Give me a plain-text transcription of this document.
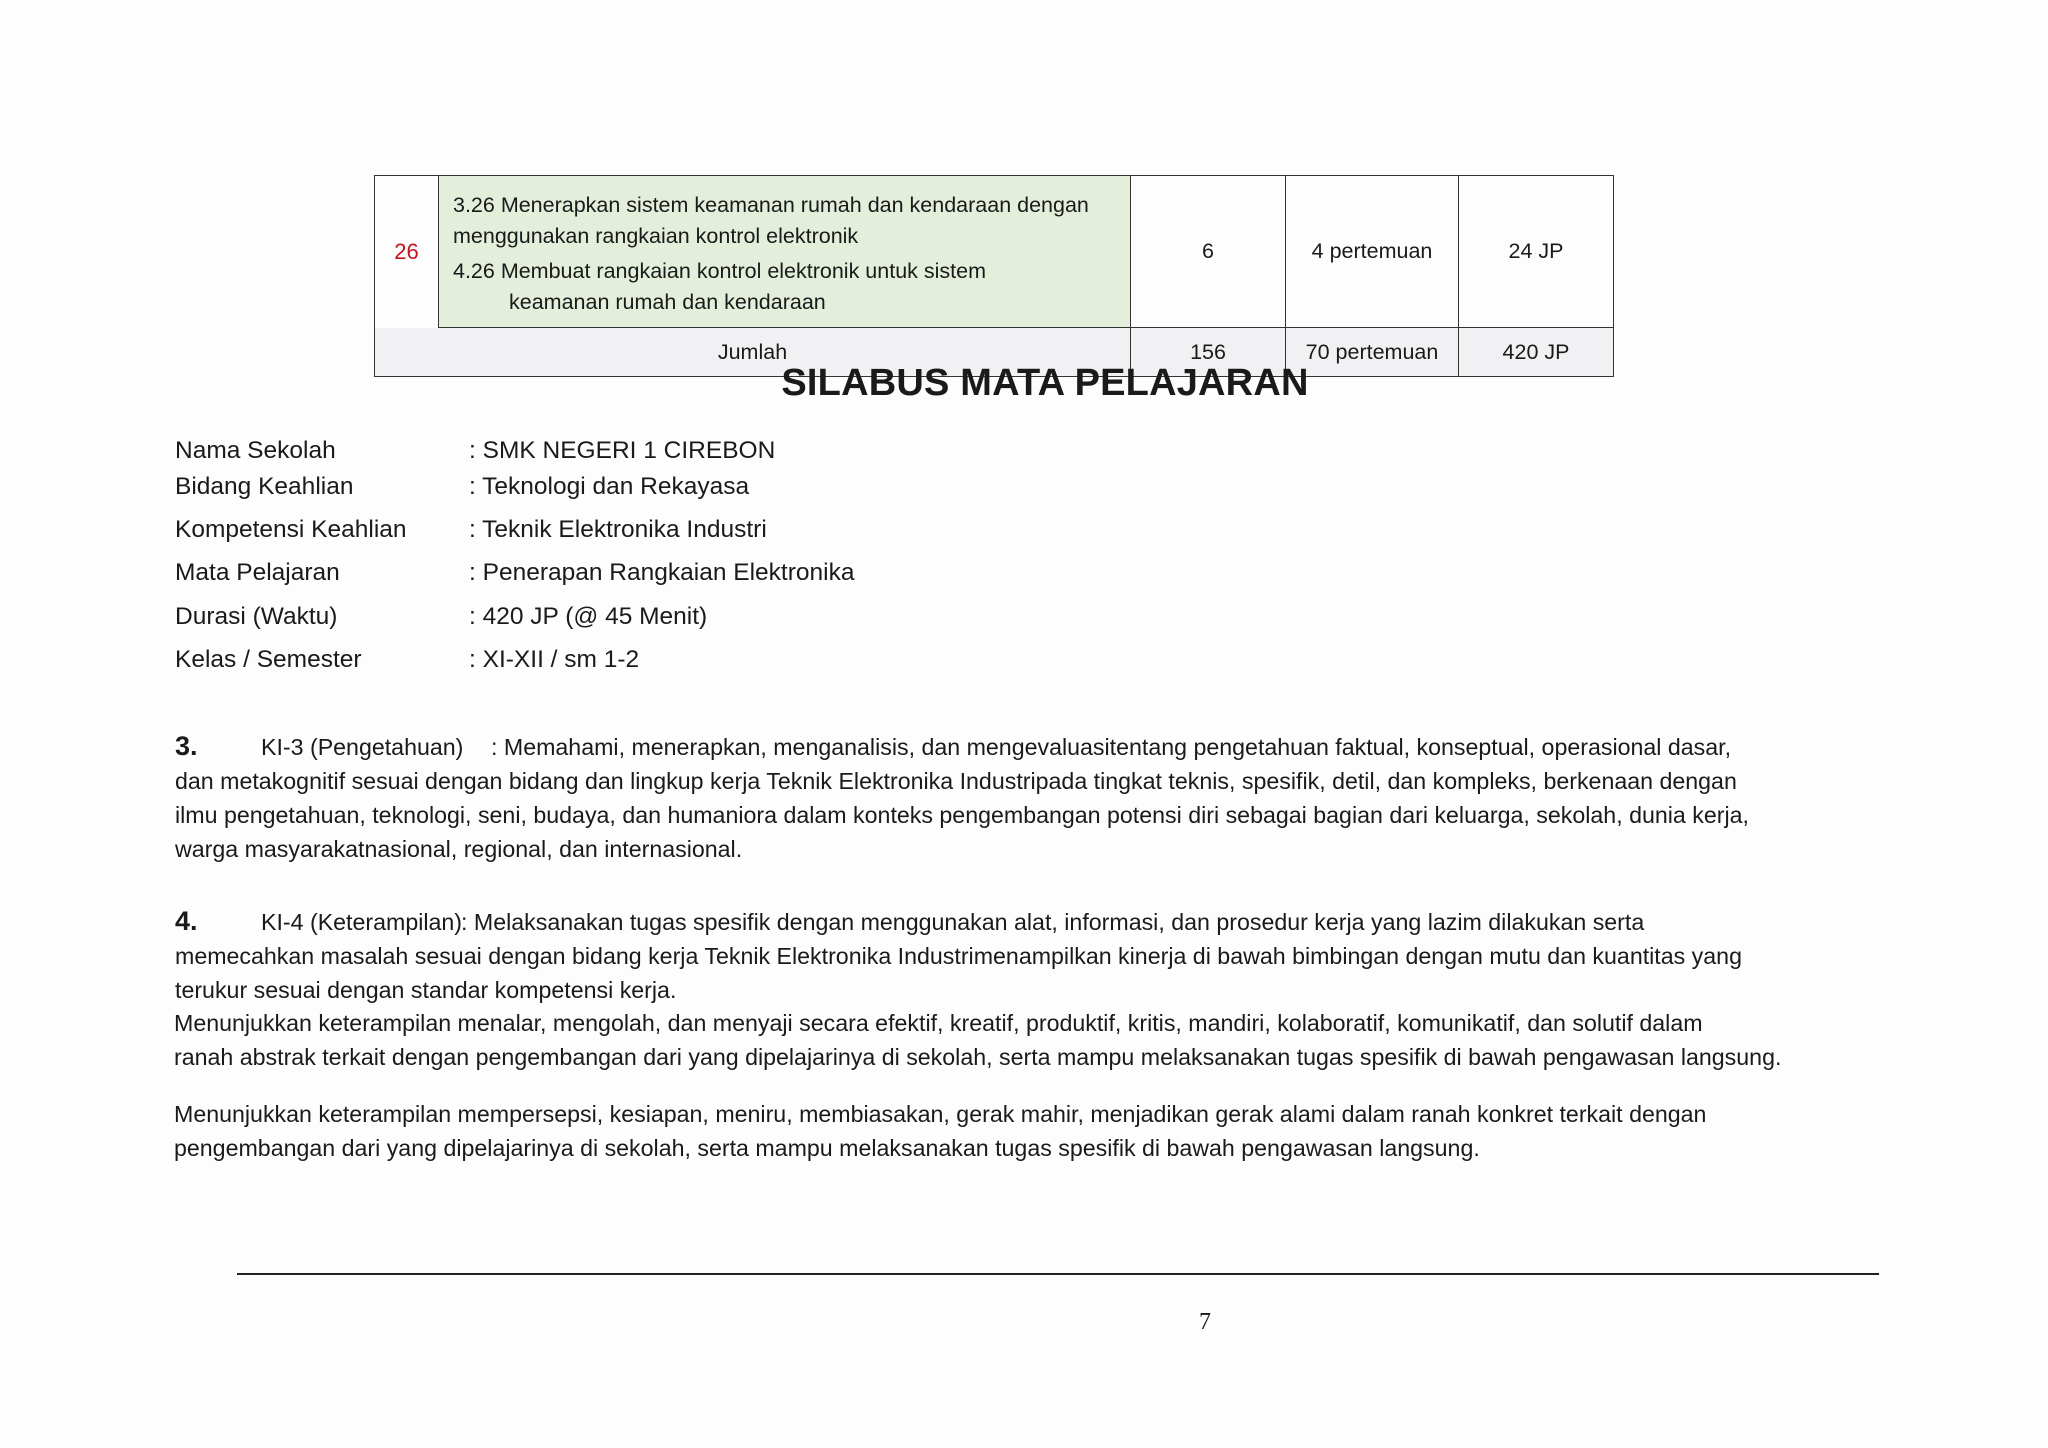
26	3.26 Menerapkan sistem keamanan rumah dan kendaraan dengan
menggunakan rangkaian kontrol elektronik
4.26 Membuat rangkaian kontrol elektronik untuk sistem
keamanan rumah dan kendaraan	6	4 pertemuan	24 JP
Jumlah		156	70 pertemuan	420 JP
SILABUS MATA PELAJARAN
Nama Sekolah	: SMK NEGERI 1 CIREBON
Bidang Keahlian	: Teknologi dan Rekayasa
Kompetensi Keahlian	: Teknik Elektronika Industri
Mata Pelajaran	: Penerapan Rangkaian Elektronika
Durasi (Waktu)	: 420 JP (@ 45 Menit)
Kelas / Semester	: XI-XII / sm 1-2
3.	KI-3 (Pengetahuan) : Memahami, menerapkan, menganalisis, dan mengevaluasitentang pengetahuan faktual, konseptual, operasional dasar,
dan metakognitif sesuai dengan bidang dan lingkup kerja Teknik Elektronika Industripada tingkat teknis, spesifik, detil, dan kompleks, berkenaan dengan
ilmu pengetahuan, teknologi, seni, budaya, dan humaniora dalam konteks pengembangan potensi diri sebagai bagian dari keluarga, sekolah, dunia kerja,
warga masyarakatnasional, regional, dan internasional.
4.	KI-4 (Keterampilan): Melaksanakan tugas spesifik dengan menggunakan alat, informasi, dan prosedur kerja yang lazim dilakukan serta
memecahkan masalah sesuai dengan bidang kerja Teknik Elektronika Industrimenampilkan kinerja di bawah bimbingan dengan mutu dan kuantitas yang
terukur sesuai dengan standar kompetensi kerja.
Menunjukkan keterampilan menalar, mengolah, dan menyaji secara efektif, kreatif, produktif, kritis, mandiri, kolaboratif, komunikatif, dan solutif dalam
ranah abstrak terkait dengan pengembangan dari yang dipelajarinya di sekolah, serta mampu melaksanakan tugas spesifik di bawah pengawasan langsung.
Menunjukkan keterampilan mempersepsi, kesiapan, meniru, membiasakan, gerak mahir, menjadikan gerak alami dalam ranah konkret terkait dengan
pengembangan dari yang dipelajarinya di sekolah, serta mampu melaksanakan tugas spesifik di bawah pengawasan langsung.
7
